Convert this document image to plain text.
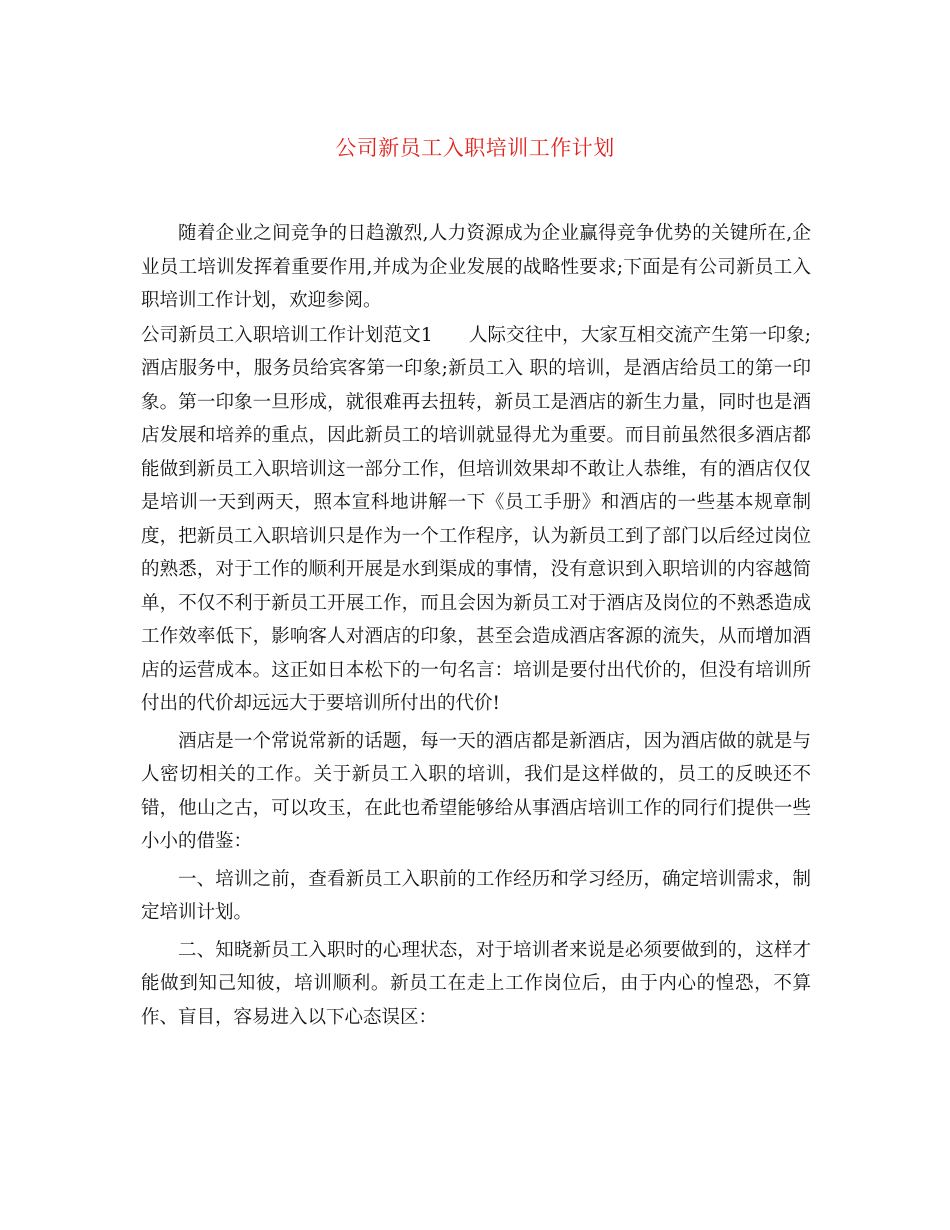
公司新员工入职培训工作计划

随着企业之间竞争的日趋激烈,人力资源成为企业赢得竞争优势的关键所在,企业员工培训发挥着重要作用,并成为企业发展的战略性要求;下面是有公司新员工入职培训工作计划，欢迎参阅。

公司新员工入职培训工作计划范文1 人际交往中，大家互相交流产生第一印象;酒店服务中，服务员给宾客第一印象;新员工入 职的培训，是酒店给员工的第一印象。第一印象一旦形成，就很难再去扭转，新员工是酒店的新生力量，同时也是酒店发展和培养的重点，因此新员工的培训就显得尤为重要。而目前虽然很多酒店都能做到新员工入职培训这一部分工作，但培训效果却不敢让人恭维，有的酒店仅仅是培训一天到两天，照本宣科地讲解一下《员工手册》和酒店的一些基本规章制度，把新员工入职培训只是作为一个工作程序，认为新员工到了部门以后经过岗位的熟悉，对于工作的顺利开展是水到渠成的事情，没有意识到入职培训的内容越简单，不仅不利于新员工开展工作，而且会因为新员工对于酒店及岗位的不熟悉造成工作效率低下，影响客人对酒店的印象，甚至会造成酒店客源的流失，从而增加酒店的运营成本。这正如日本松下的一句名言：培训是要付出代价的，但没有培训所付出的代价却远远大于要培训所付出的代价!

酒店是一个常说常新的话题，每一天的酒店都是新酒店，因为酒店做的就是与人密切相关的工作。关于新员工入职的培训，我们是这样做的，员工的反映还不错，他山之古，可以攻玉，在此也希望能够给从事酒店培训工作的同行们提供一些小小的借鉴：

一、培训之前，查看新员工入职前的工作经历和学习经历，确定培训需求，制定培训计划。

二、知晓新员工入职时的心理状态，对于培训者来说是必须要做到的，这样才能做到知己知彼，培训顺利。新员工在走上工作岗位后，由于内心的惶恐，不算作、盲目，容易进入以下心态误区：
